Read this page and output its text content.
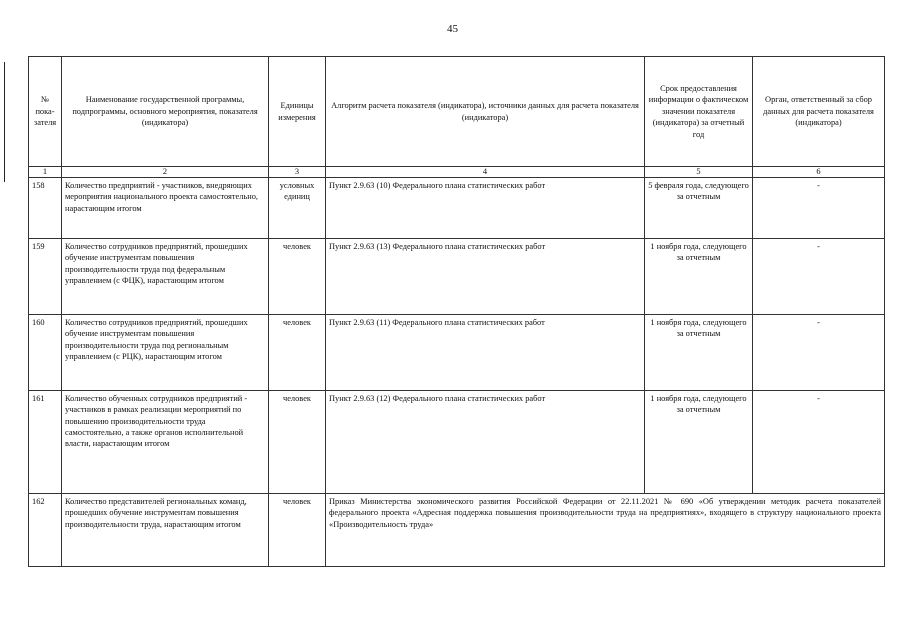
45
№ пока-зателя	Наименование государственной программы, подпрограммы, основного мероприятия, показателя (индикатора)	Единицы измерения	Алгоритм расчета показателя (индикатора), источники данных для расчета показателя (индикатора)	Срок предоставления информации о фактическом значении показателя (индикатора) за отчетный год	Орган, ответственный за сбор данных для расчета показателя (индикатора)
1	2	3	4	5	6
158	Количество предприятий - участников, внедряющих мероприятия национального проекта самостоятельно, нарастающим итогом	условных единиц	Пункт 2.9.63 (10) Федерального плана статистических работ	5 февраля года, следующего за отчетным	-
159	Количество сотрудников предприятий, прошедших обучение инструментам повышения производительности труда под федеральным управлением (с ФЦК), нарастающим итогом	человек	Пункт 2.9.63 (13) Федерального плана статистических работ	1 ноября года, следующего за отчетным	-
160	Количество сотрудников предприятий, прошедших обучение инструментам повышения производительности труда под региональным управлением (с РЦК), нарастающим итогом	человек	Пункт 2.9.63 (11) Федерального плана статистических работ	1 ноября года, следующего за отчетным	-
161	Количество обученных сотрудников предприятий - участников в рамках реализации мероприятий по повышению производительности труда самостоятельно, а также органов исполнительной власти, нарастающим итогом	человек	Пункт 2.9.63 (12) Федерального плана статистических работ	1 ноября года, следующего за отчетным	-
162	Количество представителей региональных команд, прошедших обучение инструментам повышения производительности труда, нарастающим итогом	человек	Приказ Министерства экономического развития Российской Федерации от 22.11.2021 № 690 «Об утверждении методик расчета показателей федерального проекта «Адресная поддержка повышения производительности труда на предприятиях», входящего в структуру национального проекта «Производительность труда»		
